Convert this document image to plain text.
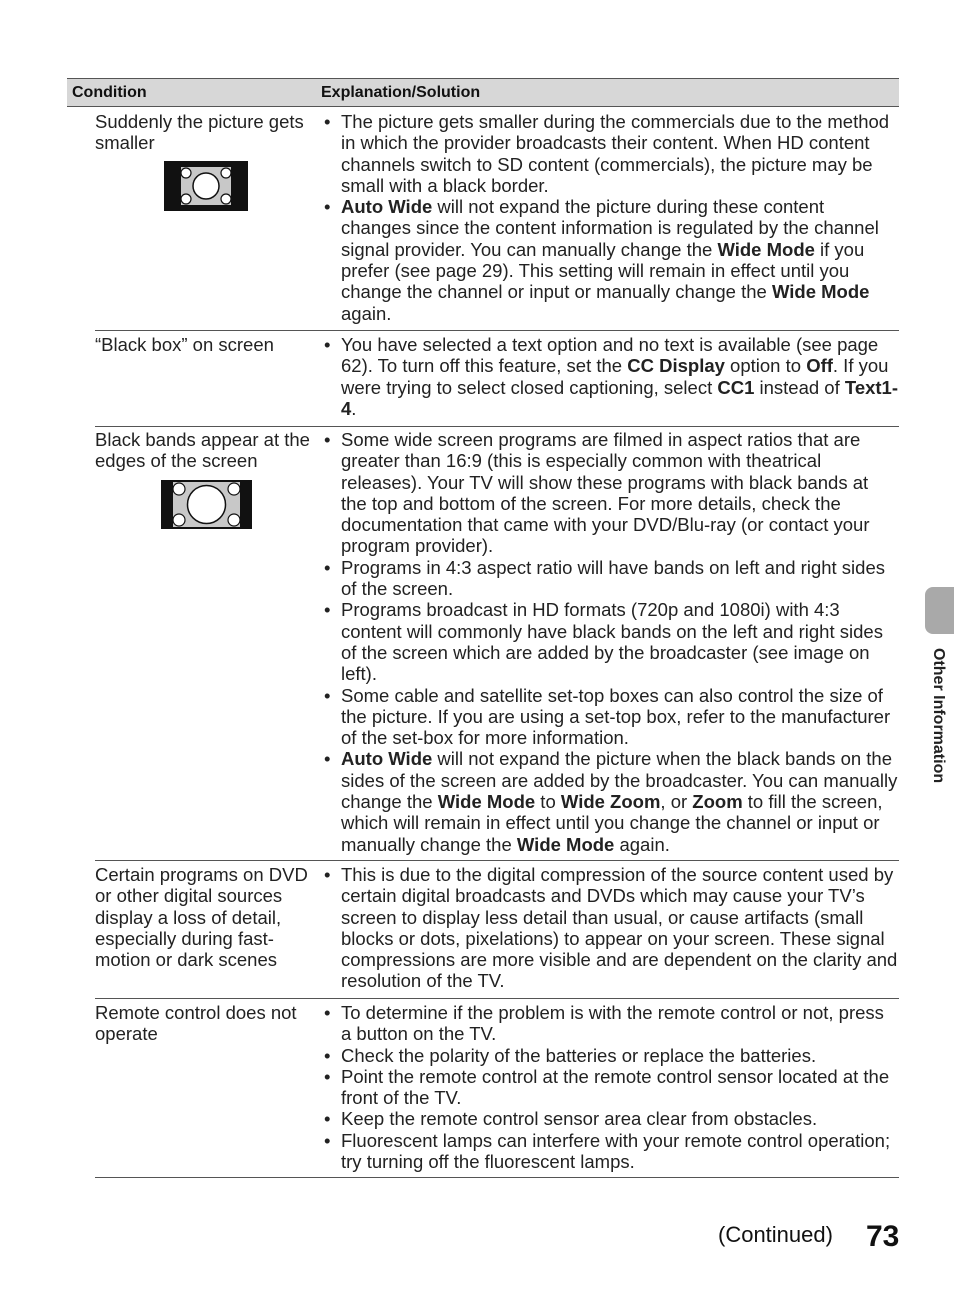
Condition	Explanation/Solution
Suddenly the picture gets smaller
• The picture gets smaller during the commercials due to the method in which the provider broadcasts their content. When HD content channels switch to SD content (commercials), the picture may be small with a black border.
• Auto Wide will not expand the picture during these content changes since the content information is regulated by the channel signal provider. You can manually change the Wide Mode if you prefer (see page 29). This setting will remain in effect until you change the channel or input or manually change the Wide Mode again.
“Black box” on screen
•	You have selected a text option and no text is available (see page 62). To turn off this feature, set the CC Display option to Off. If you were trying to select closed captioning, select CC1 instead of Text1-4.
Black bands appear at the edges of the screen
• Some wide screen programs are filmed in aspect ratios that are greater than 16:9 (this is especially common with theatrical releases). Your TV will show these programs with black bands at the top and bottom of the screen. For more details, check the documentation that came with your DVD/Blu-ray (or contact your program provider).
• Programs in 4:3 aspect ratio will have bands on left and right sides of the screen.
• Programs broadcast in HD formats (720p and 1080i) with 4:3 content will commonly have black bands on the left and right sides of the screen which are added by the broadcaster (see image on left).
• Some cable and satellite set-top boxes can also control the size of the picture. If you are using a set-top box, refer to the manufacturer of the set-box for more information.
• Auto Wide will not expand the picture when the black bands on the sides of the screen are added by the broadcaster. You can manually change the Wide Mode to Wide Zoom, or Zoom to fill the screen, which will remain in effect until you change the channel or input or manually change the Wide Mode again.
Certain programs on DVD or other digital sources display a loss of detail, especially during fast-motion or dark scenes
• This is due to the digital compression of the source content used by certain digital broadcasts and DVDs which may cause your TV’s screen to display less detail than usual, or cause artifacts (small blocks or dots, pixelations) to appear on your screen. These signal compressions are more visible and are dependent on the clarity and resolution of the TV.
Remote control does not operate
• To determine if the problem is with the remote control or not, press a button on the TV.
• Check the polarity of the batteries or replace the batteries.
• Point the remote control at the remote control sensor located at the front of the TV.
• Keep the remote control sensor area clear from obstacles.
• Fluorescent lamps can interfere with your remote control operation; try turning off the fluorescent lamps.
Other Information
(Continued) 73
